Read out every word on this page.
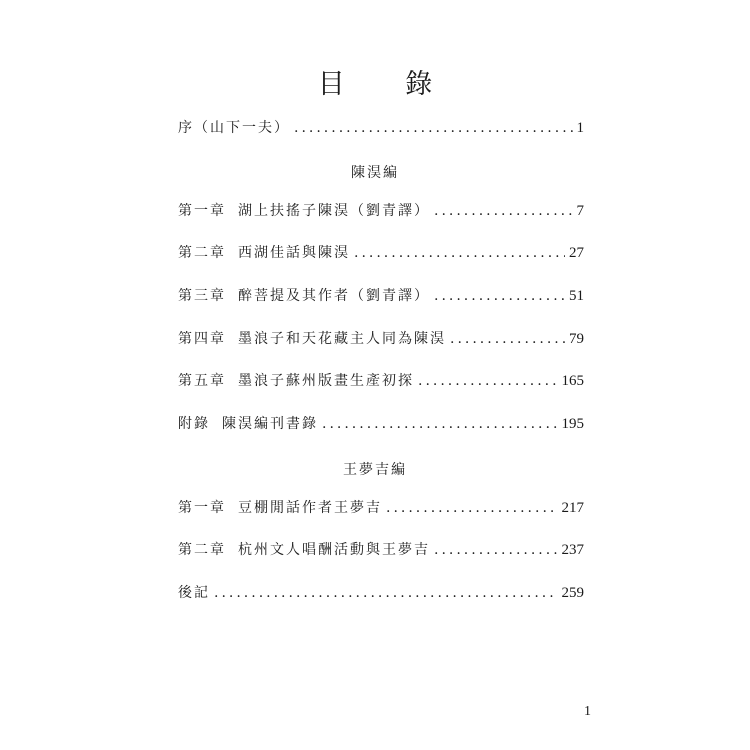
目 錄
序（山下一夫） .....	1
陳淏編
第一章 湖上扶搖子陳淏（劉青譯） .....	7
第二章 西湖佳話與陳淏 .....	27
第三章 醉菩提及其作者（劉青譯） .....	51
第四章 墨浪子和天花藏主人同為陳淏 .....	79
第五章 墨浪子蘇州版畫生產初探 .....	165
附錄 陳淏編刊書錄 .....	195
王夢吉編
第一章 豆棚閒話作者王夢吉 .....	217
第二章 杭州文人唱酬活動與王夢吉 .....	237
後記 .....	259
1
